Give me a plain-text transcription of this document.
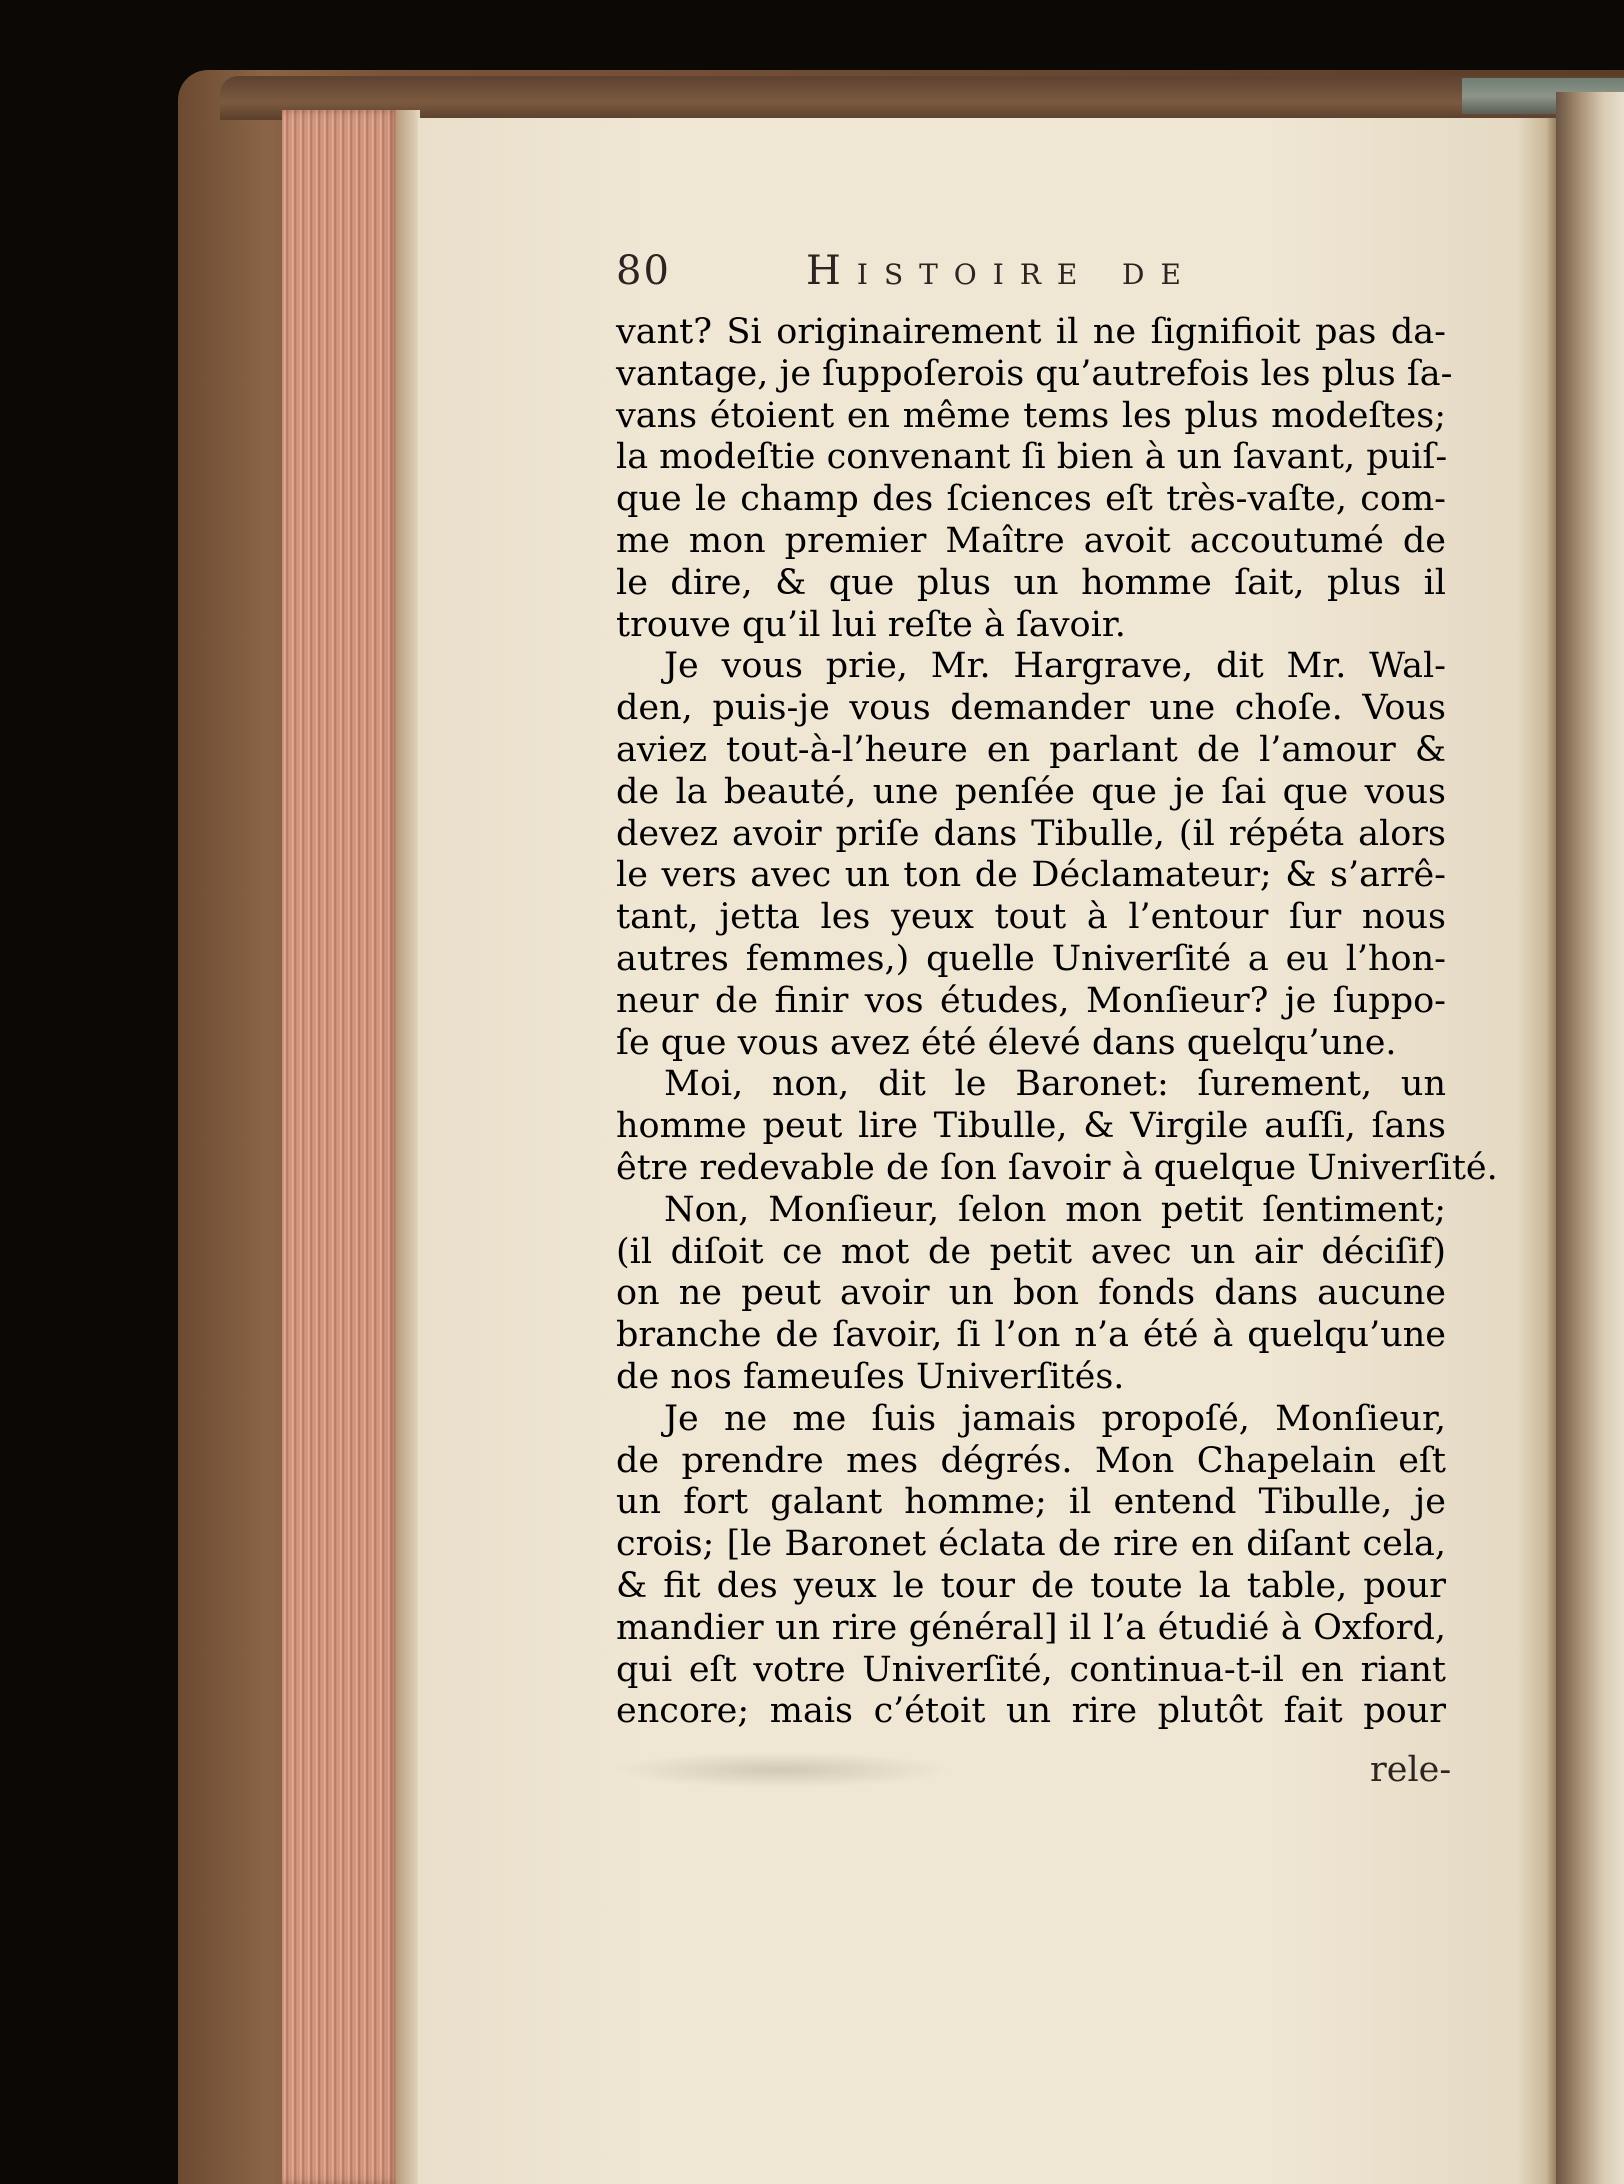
80	Histoire de
vant? Si originairement il ne ſignifioit pas da-
vantage, je ſuppoſerois qu’autrefois les plus ſa-
vans étoient en même tems les plus modeſtes;
la modeſtie convenant ſi bien à un ſavant, puiſ-
que le champ des ſciences eſt très-vaſte, com-
me mon premier Maître avoit accoutumé de
le dire, & que plus un homme ſait, plus il
trouve qu’il lui reſte à ſavoir.
Je vous prie, Mr. Hargrave, dit Mr. Wal-
den, puis-je vous demander une choſe. Vous
aviez tout-à-l’heure en parlant de l’amour &
de la beauté, une penſée que je ſai que vous
devez avoir priſe dans Tibulle, (il répéta alors
le vers avec un ton de Déclamateur; & s’arrê-
tant, jetta les yeux tout à l’entour ſur nous
autres femmes,) quelle Univerſité a eu l’hon-
neur de finir vos études, Monſieur? je ſuppo-
ſe que vous avez été élevé dans quelqu’une.
Moi, non, dit le Baronet: ſurement, un
homme peut lire Tibulle, & Virgile auſſi, ſans
être redevable de ſon ſavoir à quelque Univerſité.
Non, Monſieur, ſelon mon petit ſentiment;
(il diſoit ce mot de petit avec un air déciſif)
on ne peut avoir un bon fonds dans aucune
branche de ſavoir, ſi l’on n’a été à quelqu’une
de nos fameuſes Univerſités.
Je ne me ſuis jamais propoſé, Monſieur,
de prendre mes dégrés. Mon Chapelain eſt
un fort galant homme; il entend Tibulle, je
crois; [le Baronet éclata de rire en diſant cela,
& fit des yeux le tour de toute la table, pour
mandier un rire général] il l’a étudié à Oxford,
qui eſt votre Univerſité, continua-t-il en riant
encore; mais c’étoit un rire plutôt fait pour
rele-
